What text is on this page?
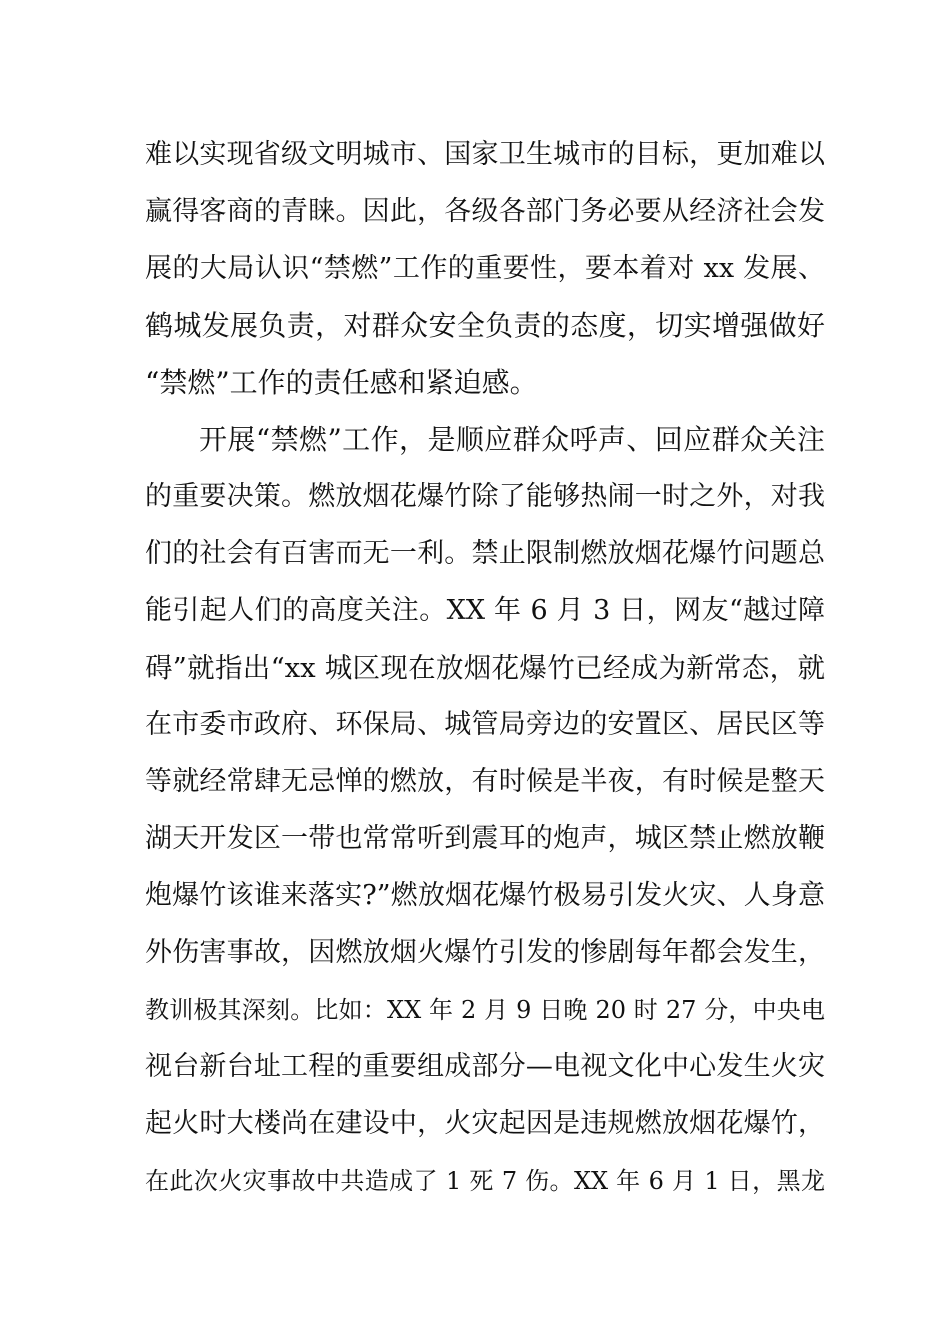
难以实现省级文明城市、国家卫生城市的目标，更加难以
赢得客商的青睐。因此，各级各部门务必要从经济社会发
展的大局认识“禁燃”工作的重要性，要本着对 xx 发展、
鹤城发展负责，对群众安全负责的态度，切实增强做好
“禁燃”工作的责任感和紧迫感。
开展“禁燃”工作，是顺应群众呼声、回应群众关注
的重要决策。燃放烟花爆竹除了能够热闹一时之外，对我
们的社会有百害而无一利。禁止限制燃放烟花爆竹问题总
能引起人们的高度关注。XX 年 6 月 3 日，网友“越过障
碍”就指出“xx 城区现在放烟花爆竹已经成为新常态，就
在市委市政府、环保局、城管局旁边的安置区、居民区等
等就经常肆无忌惮的燃放，有时候是半夜，有时候是整天
湖天开发区一带也常常听到震耳的炮声，城区禁止燃放鞭
炮爆竹该谁来落实?”燃放烟花爆竹极易引发火灾、人身意
外伤害事故，因燃放烟火爆竹引发的惨剧每年都会发生，
教训极其深刻。比如：XX 年 2 月 9 日晚 20 时 27 分，中央电
视台新台址工程的重要组成部分—电视文化中心发生火灾
起火时大楼尚在建设中，火灾起因是违规燃放烟花爆竹，
在此次火灾事故中共造成了 1 死 7 伤。XX 年 6 月 1 日，黑龙
